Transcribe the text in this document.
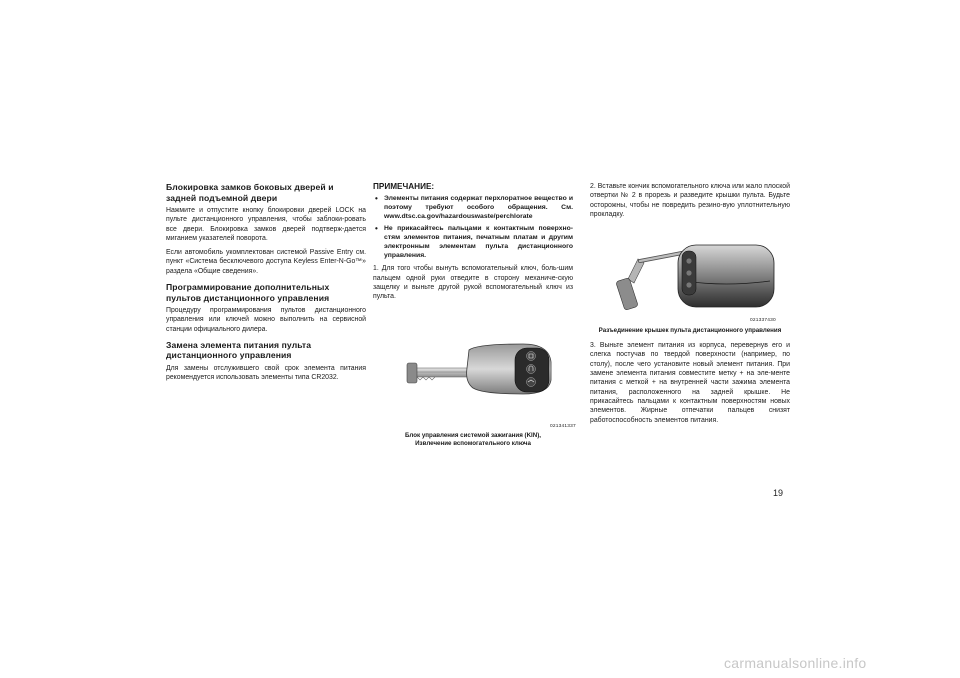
Блокировка замков боковых дверей и задней подъемной двери

Нажмите и отпустите кнопку блокировки дверей LOCK на пульте дистанционного управления, чтобы заблоки-ровать все двери. Блокировка замков дверей подтверж-дается миганием указателей поворота.

Если автомобиль укомплектован системой Passive Entry см. пункт «Система бесключевого доступа Keyless Enter-N-Go™» раздела «Общие сведения».

Программирование дополнительных пультов дистанционного управления

Процедуру программирования пультов дистанционного управления или ключей можно выполнить на сервисной станции официального дилера.

Замена элемента питания пульта дистанционного управления

Для замены отслужившего свой срок элемента питания рекомендуется использовать элементы типа CR2032.

ПРИМЕЧАНИЕ:
• Элементы питания содержат перхлоратное вещество и поэтому требуют особого обращения. См. www.dtsc.ca.gov/hazardouswaste/perchlorate
• Не прикасайтесь пальцами к контактным поверхно-стям элементов питания, печатным платам и другим электронным элементам пульта дистанционного управления.

1. Для того чтобы вынуть вспомогательный ключ, боль-шим пальцем одной руки отведите в сторону механиче-скую защелку и выньте другой рукой вспомогательный ключ из пульта.

021341337
Блок управления системой зажигания (KIN),
Извлечение вспомогательного ключа

2. Вставьте кончик вспомогательного ключа или жало плоской отвертки № 2 в прорезь и разведите крышки пульта. Будьте осторожны, чтобы не повредить резино-вую уплотнительную прокладку.

021337430
Разъединение крышек пульта дистанционного управления

3. Выньте элемент питания из корпуса, перевернув его и слегка постучав по твердой поверхности (например, по столу), после чего установите новый элемент питания. При замене элемента питания совместите метку + на эле-менте питания с меткой + на внутренней части зажима элемента питания, расположенного на задней крышке. Не прикасайтесь пальцами к контактным поверхностям новых элементов. Жирные отпечатки пальцев снизят работоспособность элементов питания.

19
carmanualsonline.info
